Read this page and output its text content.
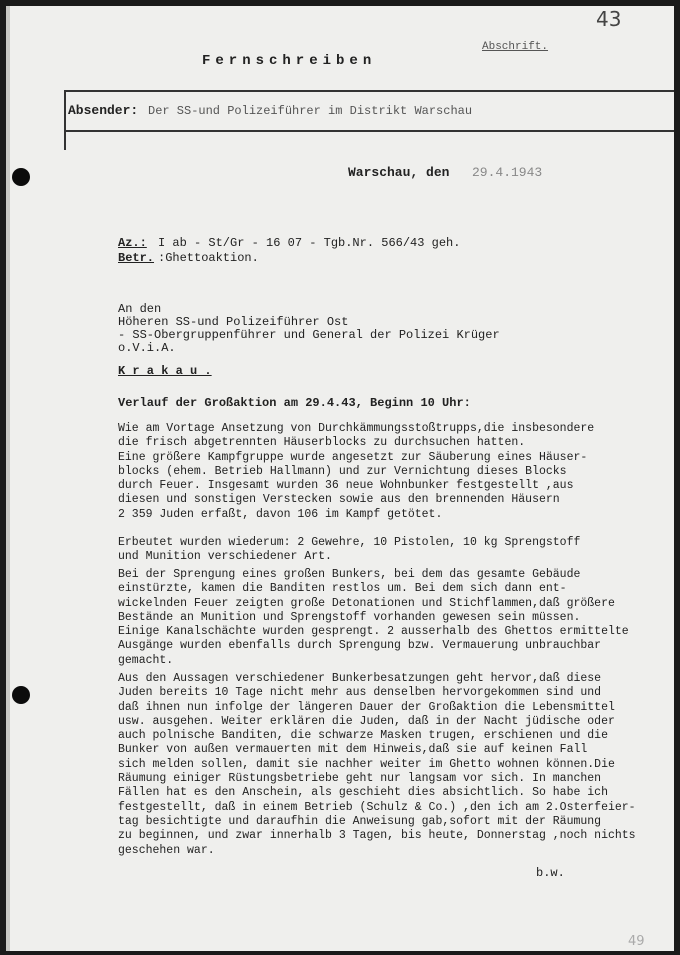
43
Fernschreiben
Abschrift.
Absender: Der SS-und Polizeiführer im Distrikt Warschau
Warschau, den 29.4.1943
Az.: I ab - St/Gr - 16 07 - Tgb.Nr. 566/43 geh.
Betr. :Ghettoaktion.
An den
Höheren SS-und Polizeiführer Ost
- SS-Obergruppenführer und General der Polizei Krüger
o.V.i.A.
K r a k a u .
Verlauf der Großaktion am 29.4.43, Beginn 10 Uhr:
Wie am Vortage Ansetzung von Durchkämmungsstoßtrupps,die insbesondere
die frisch abgetrennten Häuserblocks zu durchsuchen hatten.
Eine größere Kampfgruppe wurde angesetzt zur Säuberung eines Häuser-
blocks (ehem. Betrieb Hallmann) und zur Vernichtung dieses Blocks
durch Feuer. Insgesamt wurden 36 neue Wohnbunker festgestellt ,aus
diesen und sonstigen Verstecken sowie aus den brennenden Häusern
2 359 Juden erfaßt, davon 106 im Kampf getötet.
Erbeutet wurden wiederum: 2 Gewehre, 10 Pistolen, 10 kg Sprengstoff
und Munition verschiedener Art.
Bei der Sprengung eines großen Bunkers, bei dem das gesamte Gebäude
einstürzte, kamen die Banditen restlos um. Bei dem sich dann ent-
wickelnden Feuer zeigten große Detonationen und Stichflammen,daß größere
Bestände an Munition und Sprengstoff vorhanden gewesen sein müssen.
Einige Kanalschächte wurden gesprengt. 2 ausserhalb des Ghettos ermittelte
Ausgänge wurden ebenfalls durch Sprengung bzw. Vermauerung unbrauchbar
gemacht.
Aus den Aussagen verschiedener Bunkerbesatzungen geht hervor,daß diese
Juden bereits 10 Tage nicht mehr aus denselben hervorgekommen sind und
daß ihnen nun infolge der längeren Dauer der Großaktion die Lebensmittel
usw. ausgehen. Weiter erklären die Juden, daß in der Nacht jüdische oder
auch polnische Banditen, die schwarze Masken trugen, erschienen und die
Bunker von außen vermauerten mit dem Hinweis,daß sie auf keinen Fall
sich melden sollen, damit sie nachher weiter im Ghetto wohnen können.Die
Räumung einiger Rüstungsbetriebe geht nur langsam vor sich. In manchen
Fällen hat es den Anschein, als geschieht dies absichtlich. So habe ich
festgestellt, daß in einem Betrieb (Schulz & Co.) ,den ich am 2.Osterfeier-
tag besichtigte und daraufhin die Anweisung gab,sofort mit der Räumung
zu beginnen, und zwar innerhalb 3 Tagen, bis heute, Donnerstag ,noch nichts
geschehen war.
b.w.
49
